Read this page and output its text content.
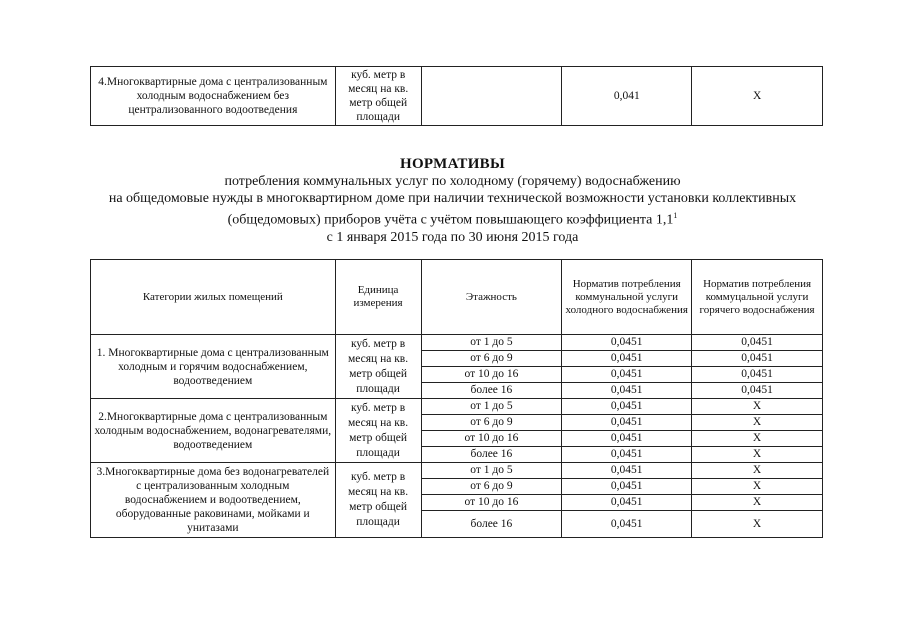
4.Многоквартирные дома с централизованным холодным водоснабжением без централизованного водоотведения	куб. метр в месяц на кв. метр общей площади		0,041	Х
НОРМАТИВЫ
потребления коммунальных услуг по холодному (горячему) водоснабжению
на общедомовые нужды в многоквартирном доме при наличии технической возможности установки коллективных
(общедомовых) приборов учёта с учётом повышающего коэффициента $1,1^1$
с 1 января 2015 года по 30 июня 2015 года
Категории жилых помещений	Единица измерения	Этажность	Норматив потребления коммунальной услуги холодного водоснабжения	Норматив потребления коммуцальной услуги горячего водоснабжения
1. Многоквартирные дома с централизованным холодным и горячим водоснабжением, водоотведением	куб. метр в месяц на кв. метр общей площади	от 1 до 5	0,0451	0,0451
		от 6 до 9	0,0451	0,0451
		от 10 до 16	0,0451	0,0451
		более 16	0,0451	0,0451
2.Многоквартирные дома с централизованным холодным водоснабжением, водонагревателями, водоотведением	куб. метр в месяц на кв. метр общей площади	от 1 до 5	0,0451	Х
		от 6 до 9	0,0451	Х
		от 10 до 16	0,0451	Х
		более 16	0,0451	Х
3.Многоквартирные дома без водонагревателей с централизованным холодным водоснабжением и водоотведением, оборудованные раковинами, мойками и унитазами	куб. метр в месяц на кв. метр общей площади	от 1 до 5	0,0451	Х
		от 6 до 9	0,0451	Х
		от 10 до 16	0,0451	Х
		более 16	0,0451	Х
